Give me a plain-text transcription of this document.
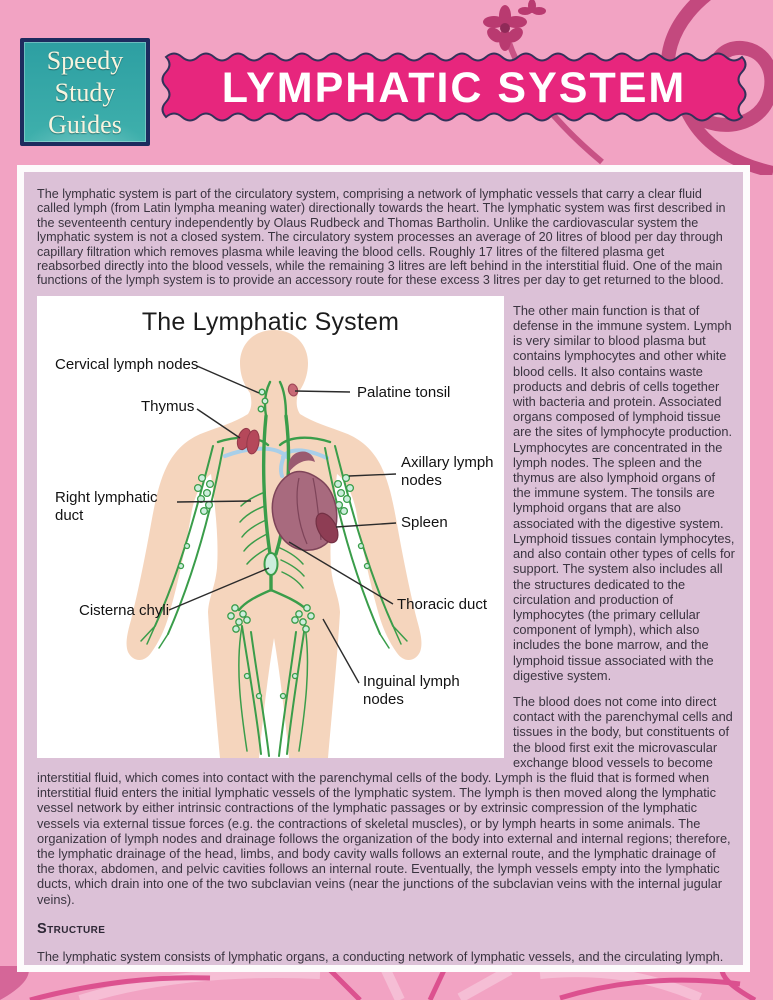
Speedy
Study
Guides
LYMPHATIC SYSTEM
The lymphatic system is part of the circulatory system, comprising a network of lymphatic vessels that carry a clear fluid called lymph (from Latin lympha meaning water) directionally towards the heart. The lymphatic system was first described in the seventeenth century independently by Olaus Rudbeck and Thomas Bartholin. Unlike the cardiovascular system the lymphatic system is not a closed system. The circulatory system processes an average of 20 litres of blood per day through capillary filtration which removes plasma while leaving the blood cells. Roughly 17 litres of the filtered plasma get reabsorbed directly into the blood vessels, while the remaining 3 litres are left behind in the interstitial fluid. One of the main functions of the lymph system is to provide an accessory route for these excess 3 litres per day to get returned to the blood.
The Lymphatic System
Cervical lymph nodes
Thymus
Palatine tonsil
Axillary lymph nodes
Right lymphatic duct	Spleen
Cisterna chyli	Thoracic duct
Inguinal lymph nodes

The other main function is that of defense in the immune system. Lymph is very similar to blood plasma but contains lymphocytes and other white blood cells. It also contains waste products and debris of cells together with bacteria and protein. Associated organs composed of lymphoid tissue are the sites of lymphocyte production. Lymphocytes are concentrated in the lymph nodes. The spleen and the thymus are also lymphoid organs of the immune system. The tonsils are lymphoid organs that are also associated with the digestive system. Lymphoid tissues contain lymphocytes, and also contain other types of cells for support. The system also includes all the structures dedicated to the circulation and production of lymphocytes (the primary cellular component of lymph), which also includes the bone marrow, and the lymphoid tissue associated with the digestive system.

The blood does not come into direct contact with the parenchymal cells and tissues in the body, but constituents of the blood first exit the microvascular exchange blood vessels to become interstitial fluid, which comes into contact with the parenchymal cells of the body. Lymph is the fluid that is formed when interstitial fluid enters the initial lymphatic vessels of the lymphatic system. The lymph is then moved along the lymphatic vessel network by either intrinsic contractions of the lymphatic passages or by extrinsic compression of the lymphatic vessels via external tissue forces (e.g. the contractions of skeletal muscles), or by lymph hearts in some animals. The organization of lymph nodes and drainage follows the organization of the body into external and internal regions; therefore, the lymphatic drainage of the head, limbs, and body cavity walls follows an external route, and the lymphatic drainage of the thorax, abdomen, and pelvic cavities follows an internal route. Eventually, the lymph vessels empty into the lymphatic ducts, which drain into one of the two subclavian veins (near the junctions of the subclavian veins with the internal jugular veins).

Structure
The lymphatic system consists of lymphatic organs, a conducting network of lymphatic vessels, and the circulating lymph.
